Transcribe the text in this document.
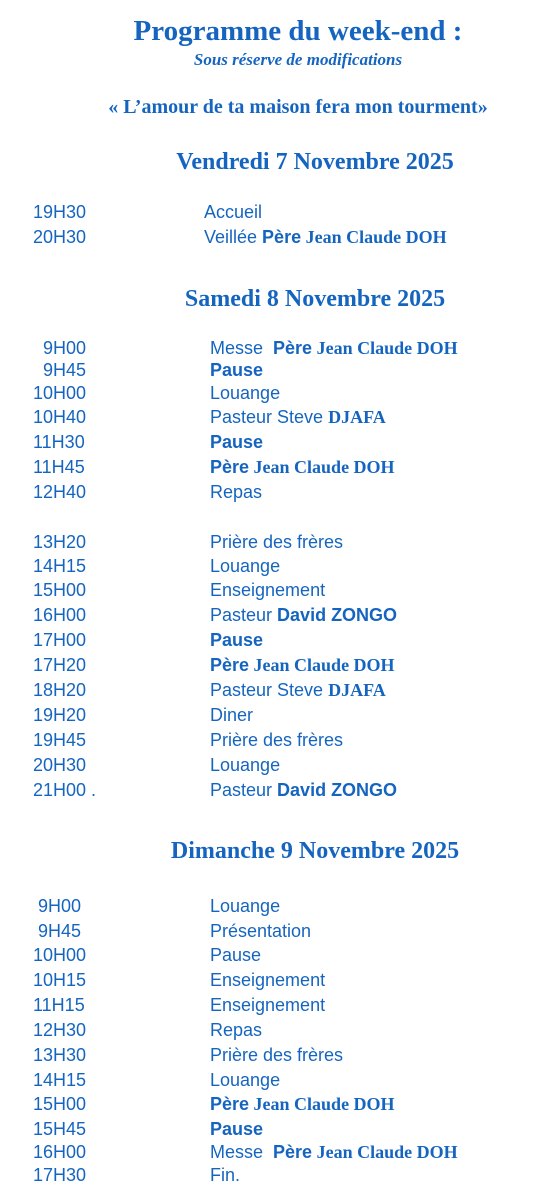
Programme du week-end :
Sous réserve de modifications
« L’amour de ta maison fera mon tourment»
Vendredi 7 Novembre 2025
19H30	Accueil
20H30	Veillée Père Jean Claude DOH
Samedi 8 Novembre 2025
9H00	Messe  Père Jean Claude DOH
9H45	Pause
10H00	Louange
10H40	Pasteur Steve DJAFA
11H30	Pause
11H45	Père Jean Claude DOH
12H40	Repas
13H20	Prière des frères
14H15	Louange
15H00	Enseignement
16H00	Pasteur David ZONGO
17H00	Pause
17H20	Père Jean Claude DOH
18H20	Pasteur Steve DJAFA
19H20	Diner
19H45	Prière des frères
20H30	Louange
21H00 .	Pasteur David ZONGO
Dimanche 9 Novembre 2025
9H00	Louange
9H45	Présentation
10H00	Pause
10H15	Enseignement
11H15	Enseignement
12H30	Repas
13H30	Prière des frères
14H15	Louange
15H00	Père Jean Claude DOH
15H45	Pause
16H00	Messe  Père Jean Claude DOH
17H30	Fin.
